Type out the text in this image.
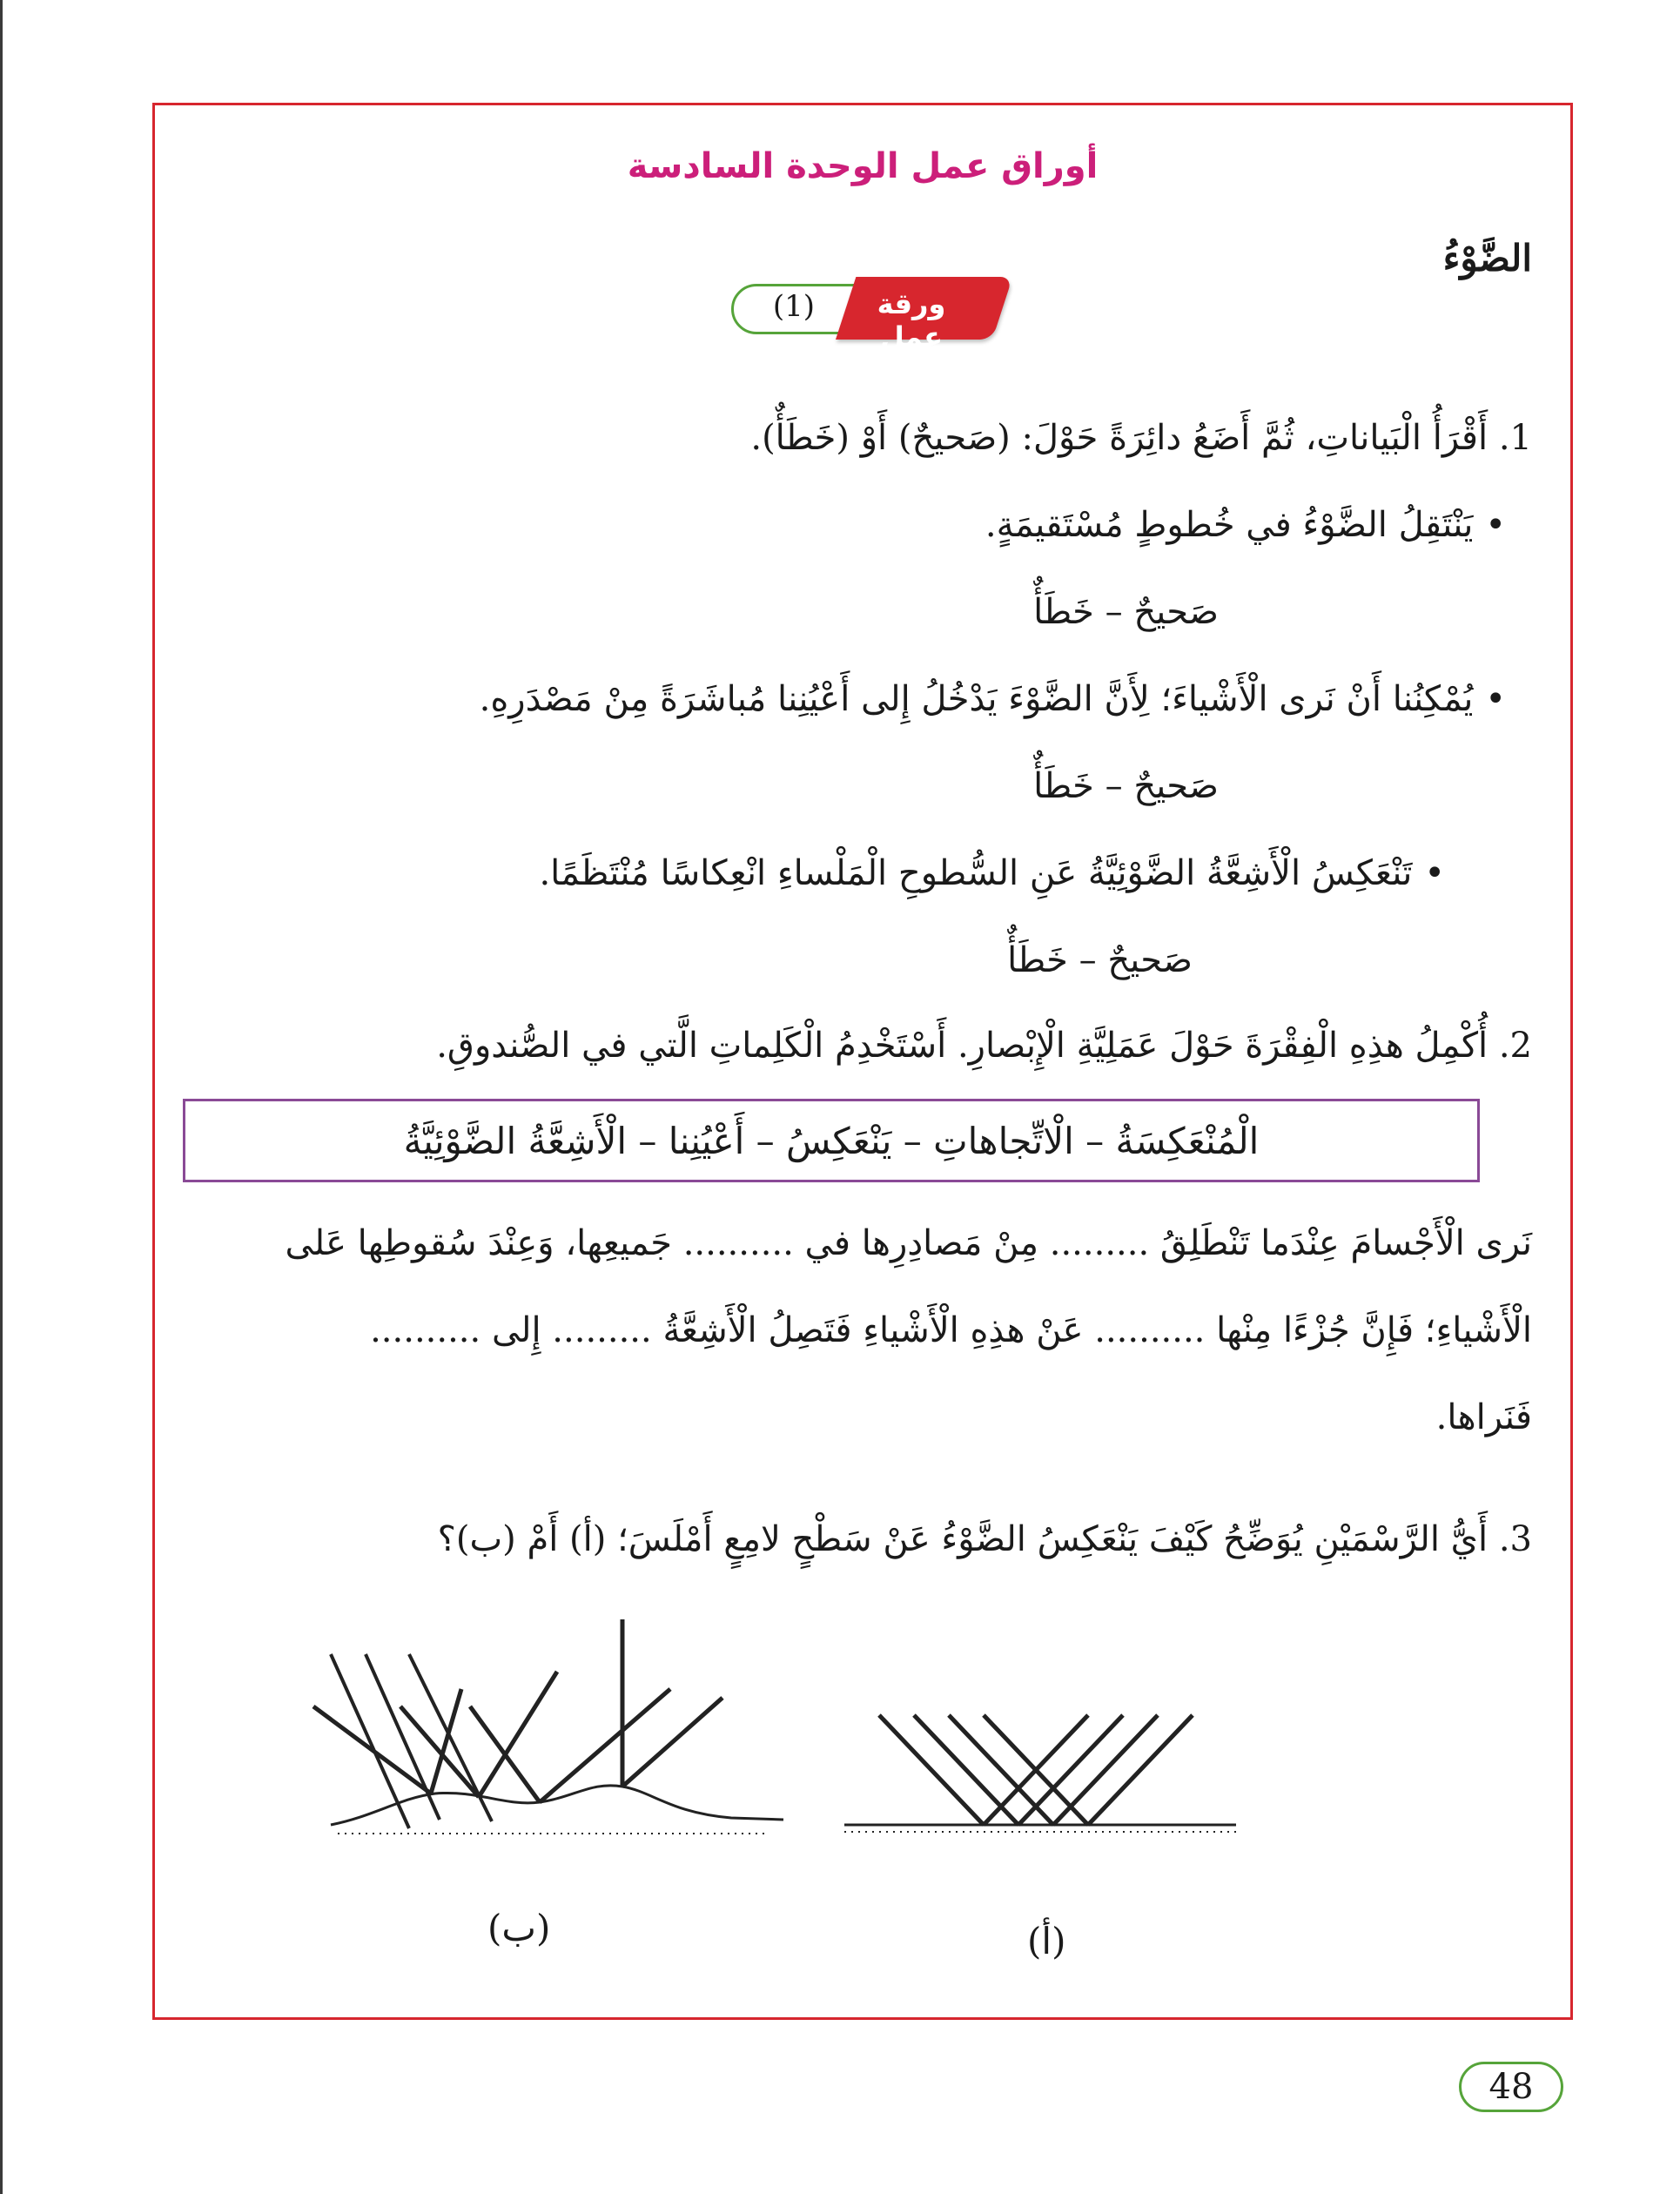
أوراق عمل الوحدة السادسة
الضَّوْءُ
ورقة عمل
(1)
1. أَقْرَأُ الْبَياناتِ، ثُمَّ أَضَعُ دائِرَةً حَوْلَ: (صَحيحٌ) أَوْ (خَطَأٌ).
•يَنْتَقِلُ الضَّوْءُ في خُطوطٍ مُسْتَقيمَةٍ.
صَحيحٌ – خَطَأٌ
•يُمْكِنُنا أَنْ نَرى الْأَشْياءَ؛ لِأَنَّ الضَّوْءَ يَدْخُلُ إِلى أَعْيُنِنا مُباشَرَةً مِنْ مَصْدَرِهِ.
صَحيحٌ – خَطَأٌ
•تَنْعَكِسُ الْأَشِعَّةُ الضَّوْئِيَّةُ عَنِ السُّطوحِ الْمَلْساءِ انْعِكاسًا مُنْتَظَمًا.
صَحيحٌ – خَطَأٌ
2. أُكْمِلُ هذِهِ الْفِقْرَةَ حَوْلَ عَمَلِيَّةِ الْإِبْصارِ. أَسْتَخْدِمُ الْكَلِماتِ الَّتي في الصُّندوقِ.
الْمُنْعَكِسَةُ – الْاتِّجاهاتِ – يَنْعَكِسُ – أَعْيُنِنا – الْأَشِعَّةُ الضَّوْئِيَّةُ
نَرى الْأَجْسامَ عِنْدَما تَنْطَلِقُ ......... مِنْ مَصادِرِها في .......... جَميعِها، وَعِنْدَ سُقوطِها عَلى
الْأَشْياءِ؛ فَإِنَّ جُزْءًا مِنْها .......... عَنْ هذِهِ الْأَشْياءِ فَتَصِلُ الْأَشِعَّةُ ......... إِلى ..........
فَنَراها.
3. أَيُّ الرَّسْمَيْنِ يُوَضِّحُ كَيْفَ يَنْعَكِسُ الضَّوْءُ عَنْ سَطْحٍ لامِعٍ أَمْلَسَ؛ (أ) أَمْ (ب)؟
(ب)	(أ)
48
